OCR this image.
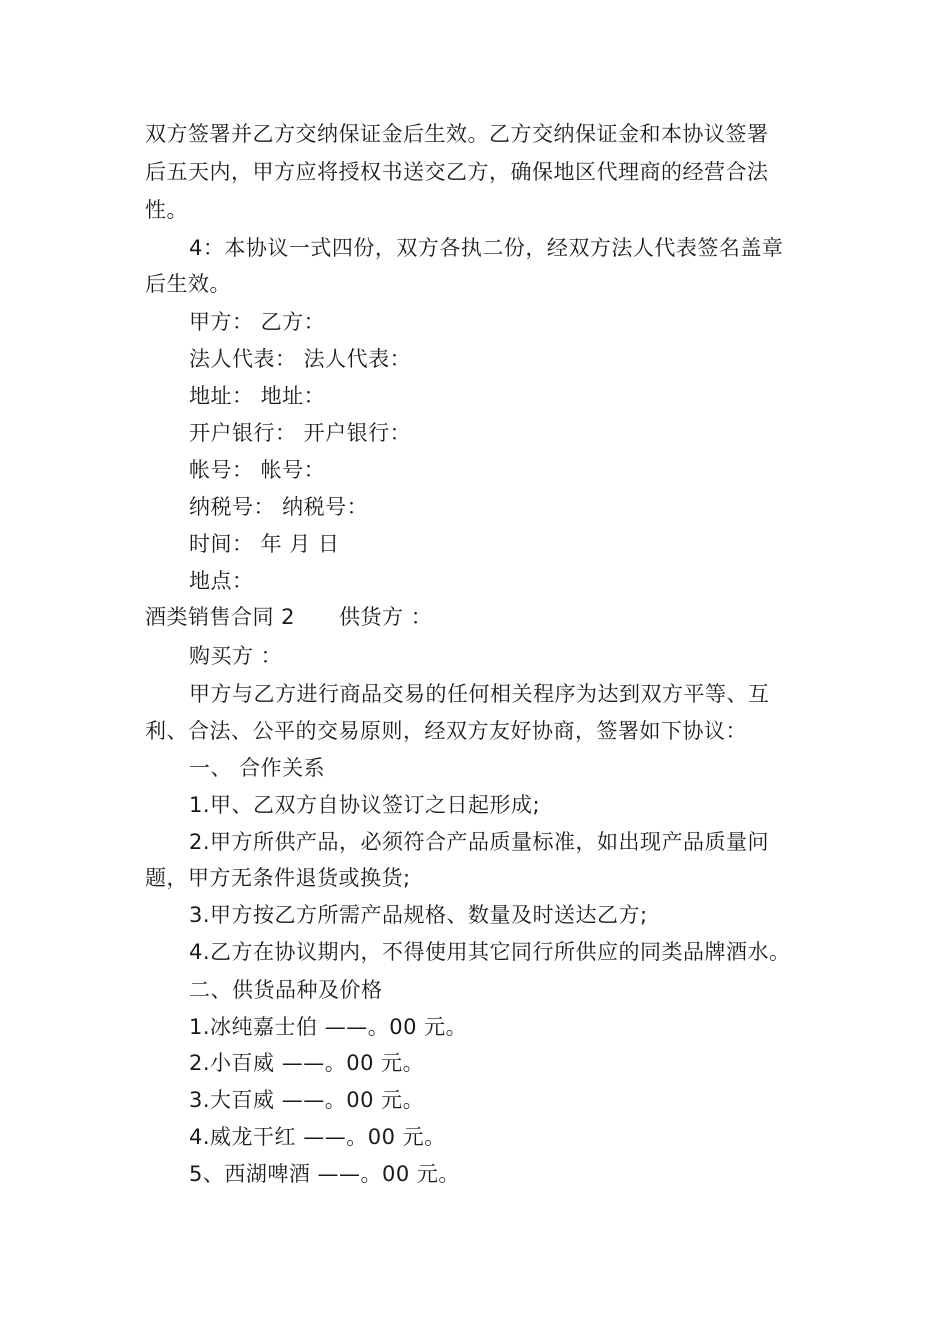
双方签署并乙方交纳保证金后生效。乙方交纳保证金和本协议签署
后五天内，甲方应将授权书送交乙方，确保地区代理商的经营合法
性。
4：本协议一式四份，双方各执二份，经双方法人代表签名盖章
后生效。
甲方： 乙方：
法人代表： 法人代表：
地址： 地址：
开户银行： 开户银行：
帐号： 帐号：
纳税号： 纳税号：
时间： 年 月 日
地点：
酒类销售合同 2 供货方 ：
购买方 ：
甲方与乙方进行商品交易的任何相关程序为达到双方平等、互
利、合法、公平的交易原则，经双方友好协商，签署如下协议：
一、 合作关系
1.甲、乙双方自协议签订之日起形成;
2.甲方所供产品，必须符合产品质量标准，如出现产品质量问
题，甲方无条件退货或换货;
3.甲方按乙方所需产品规格、数量及时送达乙方;
4.乙方在协议期内，不得使用其它同行所供应的同类品牌酒水。
二、供货品种及价格
1.冰纯嘉士伯 ——。00 元。
2.小百威 ——。00 元。
3.大百威 ——。00 元。
4.威龙干红 ——。00 元。
5、西湖啤酒 ——。00 元。
